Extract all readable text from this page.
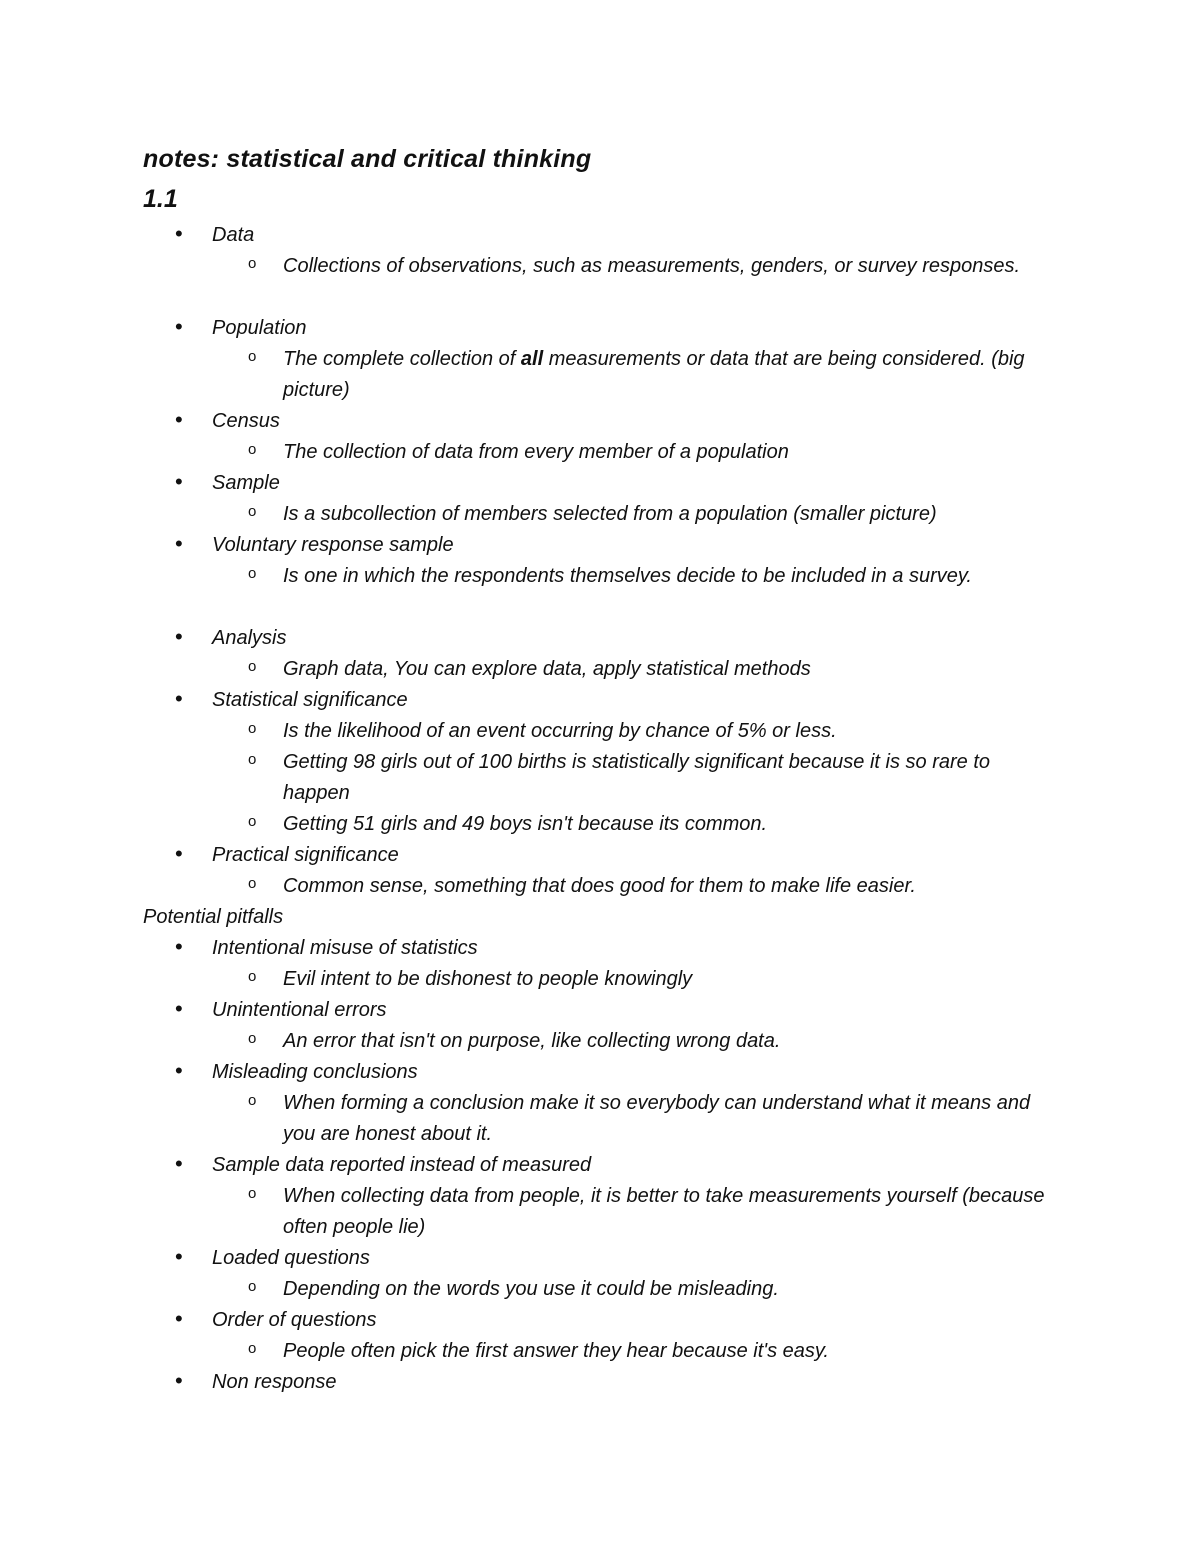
notes: statistical and critical thinking
1.1
• Data
o Collections of observations, such as measurements, genders, or survey responses.
• Population
o The complete collection of all measurements or data that are being considered. (big picture)
• Census
o The collection of data from every member of a population
• Sample
o Is a subcollection of members selected from a population (smaller picture)
• Voluntary response sample
o Is one in which the respondents themselves decide to be included in a survey.
• Analysis
o Graph data, You can explore data, apply statistical methods
• Statistical significance
o Is the likelihood of an event occurring by chance of 5% or less.
o Getting 98 girls out of 100 births is statistically significant because it is so rare to happen
o Getting 51 girls and 49 boys isn't because its common.
• Practical significance
o Common sense, something that does good for them to make life easier.
Potential pitfalls
• Intentional misuse of statistics
o Evil intent to be dishonest to people knowingly
• Unintentional errors
o An error that isn't on purpose, like collecting wrong data.
• Misleading conclusions
o When forming a conclusion make it so everybody can understand what it means and you are honest about it.
• Sample data reported instead of measured
o When collecting data from people, it is better to take measurements yourself (because often people lie)
• Loaded questions
o Depending on the words you use it could be misleading.
• Order of questions
o People often pick the first answer they hear because it's easy.
• Non response
